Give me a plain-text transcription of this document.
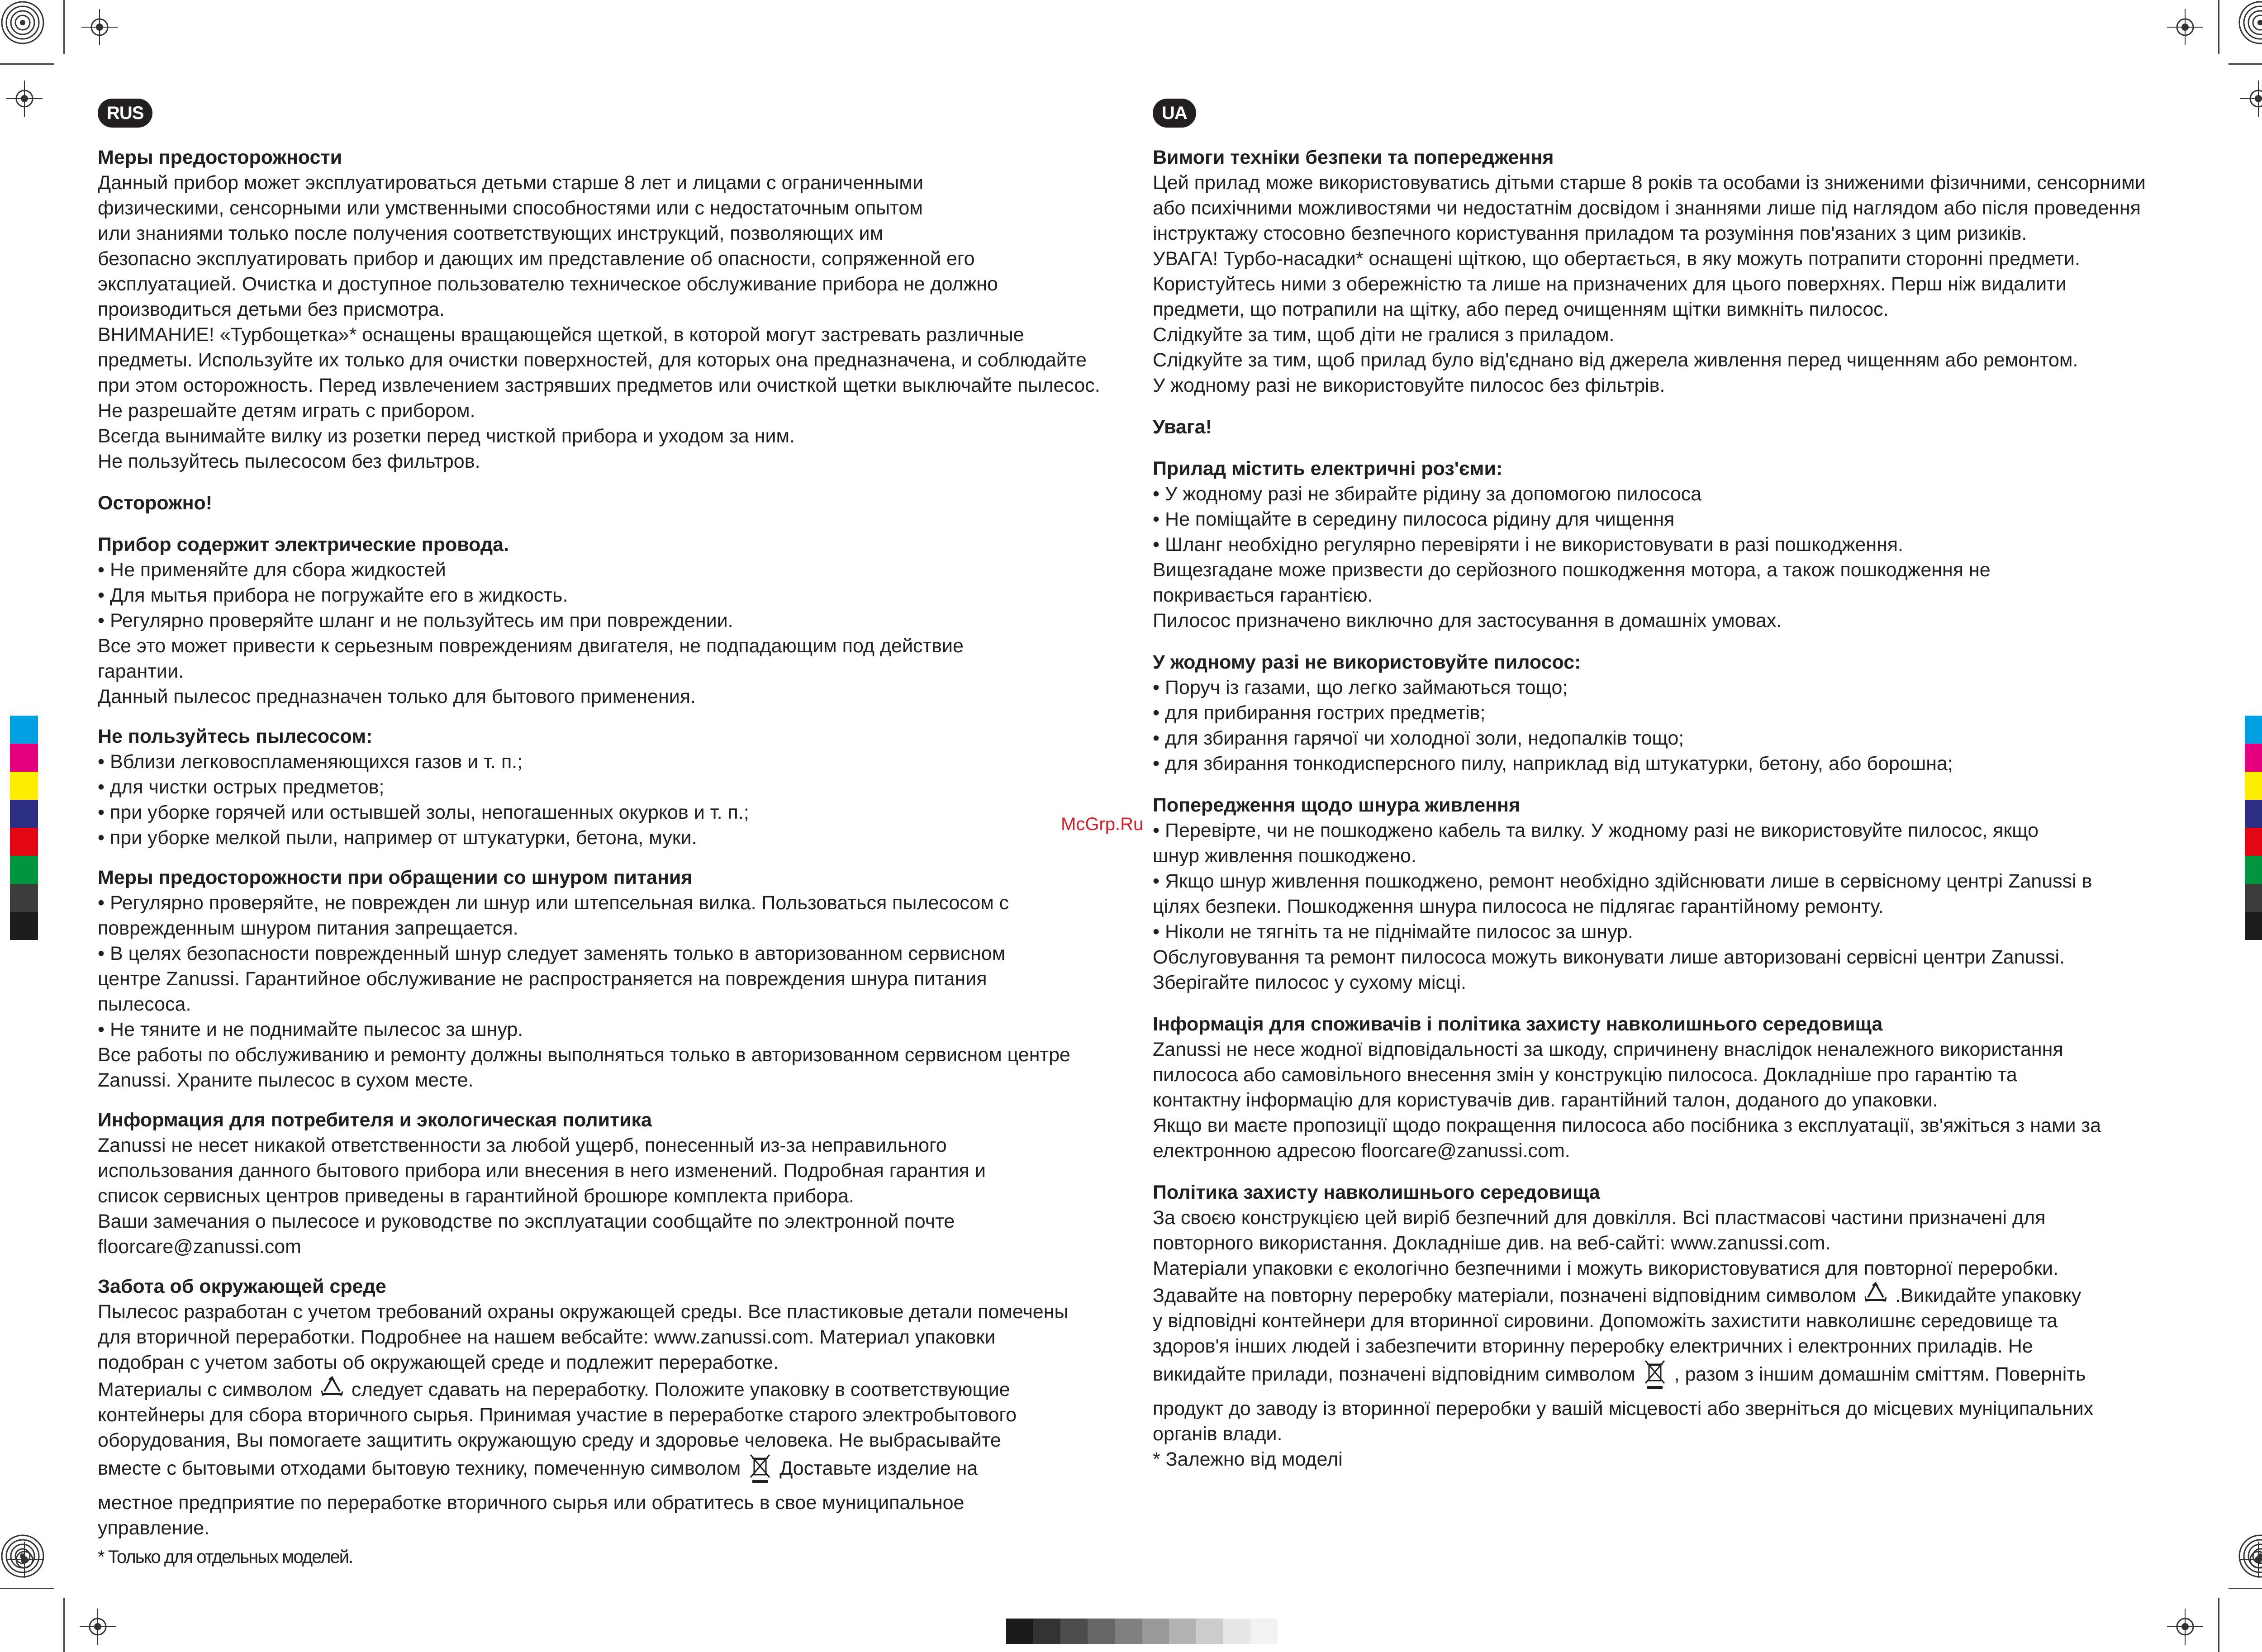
McGrp.Ru
RUS
Меры предосторожности

Данный прибор может эксплуатироваться детьми старше 8 лет и лицами с ограниченными

физическими, сенсорными или умственными способностями или с недостаточным опытом

или знаниями только после получения соответствующих инструкций, позволяющих им

безопасно эксплуатировать прибор и дающих им представление об опасности, сопряженной его

эксплуатацией. Очистка и доступное пользователю техническое обслуживание прибора не должно

производиться детьми без присмотра.

ВНИМАНИЕ! «Турбощетка»* оснащены вращающейся щеткой, в которой могут застревать различные

предметы. Используйте их только для очистки поверхностей, для которых она предназначена, и соблюдайте

при этом осторожность. Перед извлечением застрявших предметов или очисткой щетки выключайте пылесос.

Не разрешайте детям играть с прибором.

Всегда вынимайте вилку из розетки перед чисткой прибора и уходом за ним.

Не пользуйтесь пылесосом без фильтров.

Осторожно!
Прибор содержит электрические провода.
• Не применяйте для сбора жидкостей
• Для мытья прибора не погружайте его в жидкость.
• Регулярно проверяйте шланг и не пользуйтесь им при повреждении.

Все это может привести к серьезным повреждениям двигателя, не подпадающим под действие

гарантии.

Данный пылесос предназначен только для бытового применения.

Не пользуйтесь пылесосом:
• Вблизи легковоспламеняющихся газов и т. п.;
• для чистки острых предметов;
• при уборке горячей или остывшей золы, непогашенных окурков и т. п.;
• при уборке мелкой пыли, например от штукатурки, бетона, муки.
Меры предосторожности при обращении со шнуром питания

• Регулярно проверяйте, не поврежден ли шнур или штепсельная вилка. Пользоваться пылесосом с

поврежденным шнуром питания запрещается.

• В целях безопасности поврежденный шнур следует заменять только в авторизованном сервисном

центре Zanussi. Гарантийное обслуживание не распространяется на повреждения шнура питания

пылесоса.

• Не тяните и не поднимайте пылесос за шнур.

Все работы по обслуживанию и ремонту должны выполняться только в авторизованном сервисном центре

Zanussi. Храните пылесос в сухом месте.

Информация для потребителя и экологическая политика

Zanussi не несет никакой ответственности за любой ущерб, понесенный из-за неправильного

использования данного бытового прибора или внесения в него изменений. Подробная гарантия и

список сервисных центров приведены в гарантийной брошюре комплекта прибора.

Ваши замечания о пылесосе и руководстве по эксплуатации сообщайте по электронной почте

floorcare@zanussi.com

Забота об окружающей среде

Пылесос разработан с учетом требований охраны окружающей среды. Все пластиковые детали помечены

для вторичной переработки. Подробнее на нашем вебсайте: www.zanussi.com. Материал упаковки

подобран с учетом заботы об окружающей среде и подлежит переработке.

Материалы с символом следует сдавать на переработку. Положите упаковку в соответствующие

контейнеры для сбора вторичного сырья. Принимая участие в переработке старого электробытового

оборудования, Вы помогаете защитить окружающую среду и здоровье человека. Не выбрасывайте

вместе с бытовыми отходами бытовую технику, помеченную символом Доставьте изделие на

местное предприятие по переработке вторичного сырья или обратитесь в свое муниципальное

управление.

* Только для отдельных моделей.

UA
Вимоги техніки безпеки та попередження

Цей прилад може використовуватись дітьми старше 8 років та особами із зниженими фізичними, сенсорними

або психічними можливостями чи недостатнім досвідом і знаннями лише під наглядом або після проведення

інструктажу стосовно безпечного користування приладом та розуміння пов'язаних з цим ризиків.

УВАГА! Турбо-насадки* оснащені щіткою, що обертається, в яку можуть потрапити сторонні предмети.

Користуйтесь ними з обережністю та лише на призначених для цього поверхнях. Перш ніж видалити

предмети, що потрапили на щітку, або перед очищенням щітки вимкніть пилосос.

Слідкуйте за тим, щоб діти не гралися з приладом.

Слідкуйте за тим, щоб прилад було від'єднано від джерела живлення перед чищенням або ремонтом.

У жодному разі не використовуйте пилосос без фільтрів.

Увага!
Прилад містить електричні роз'єми:
• У жодному разі не збирайте рідину за допомогою пилососа
• Не поміщайте в середину пилососа рідину для чищення
• Шланг необхідно регулярно перевіряти і не використовувати в разі пошкодження.

Вищезгадане може призвести до серйозного пошкодження мотора, а також пошкодження не

покривається гарантією.

Пилосос призначено виключно для застосування в домашніх умовах.

У жодному разі не використовуйте пилосос:
• Поруч із газами, що легко займаються тощо;
• для прибирання гострих предметів;
• для збирання гарячої чи холодної золи, недопалків тощо;
• для збирання тонкодисперсного пилу, наприклад від штукатурки, бетону, або борошна;
Попередження щодо шнура живлення

• Перевірте, чи не пошкоджено кабель та вилку. У жодному разі не використовуйте пилосос, якщо

шнур живлення пошкоджено.

• Якщо шнур живлення пошкоджено, ремонт необхідно здійснювати лише в сервісному центрі Zanussi в

цілях безпеки. Пошкодження шнура пилососа не підлягає гарантійному ремонту.

• Ніколи не тягніть та не піднімайте пилосос за шнур.

Обслуговування та ремонт пилососа можуть виконувати лише авторизовані сервісні центри Zanussi.

Зберігайте пилосос у сухому місці.

Інформація для споживачів і політика захисту навколишнього середовища

Zanussi не несе жодної відповідальності за шкоду, спричинену внаслідок неналежного використання

пилососа або самовільного внесення змін у конструкцію пилососа. Докладніше про гарантію та

контактну інформацію для користувачів див. гарантійний талон, доданого до упаковки.

Якщо ви маєте пропозиції щодо покращення пилососа або посібника з експлуатації, зв'яжіться з нами за

електронною адресою floorcare@zanussi.com.

Політика захисту навколишнього середовища

За своєю конструкцією цей виріб безпечний для довкілля. Всі пластмасові частини призначені для

повторного використання. Докладніше див. на веб-сайті: www.zanussi.com.

Матеріали упаковки є екологічно безпечними і можуть використовуватися для повторної переробки.

Здавайте на повторну переробку матеріали, позначені відповідним символом .Викидайте упаковку

у відповідні контейнери для вторинної сировини. Допоможіть захистити навколишнє середовище та

здоров'я інших людей і забезпечити вторинну переробку електричних і електронних приладів. Не

викидайте прилади, позначені відповідним символом , разом з іншим домашнім сміттям. Поверніть

продукт до заводу із вторинної переробки у вашій місцевості або зверніться до місцевих муніципальних

органів влади.

* Залежно від моделі
